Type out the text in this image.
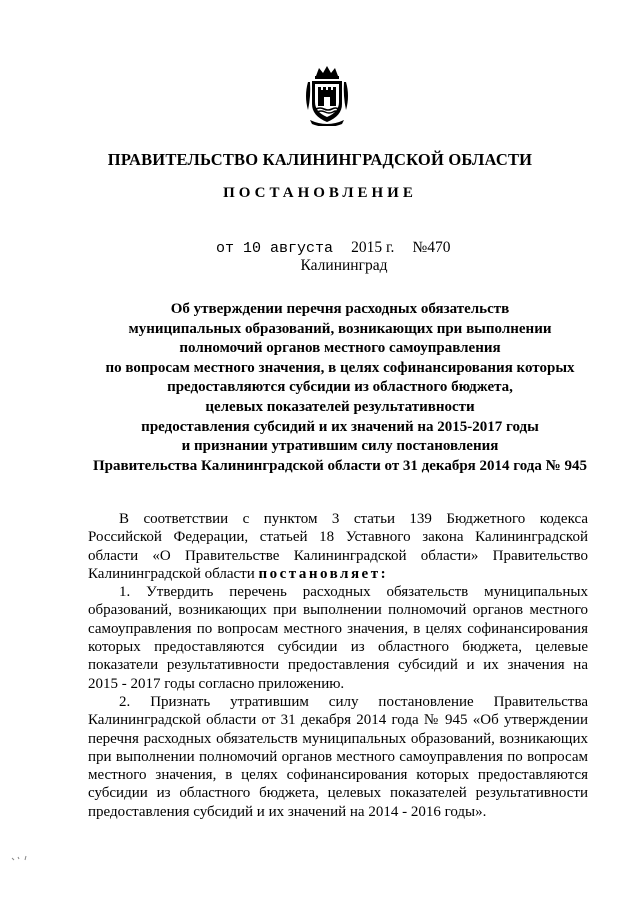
ПРАВИТЕЛЬСТВО КАЛИНИНГРАДСКОЙ ОБЛАСТИ
ПОСТАНОВЛЕНИЕ
от 10 августа 2015 г. №470
Калининград
Об утверждении перечня расходных обязательств
муниципальных образований, возникающих при выполнении
полномочий органов местного самоуправления
по вопросам местного значения, в целях софинансирования которых
предоставляются субсидии из областного бюджета,
целевых показателей результативности
предоставления субсидий и их значений на 2015-2017 годы
и признании утратившим силу постановления
Правительства Калининградской области от 31 декабря 2014 года № 945
В соответствии с пунктом 3 статьи 139 Бюджетного кодекса
Российской Федерации, статьей 18 Уставного закона Калининградской
области «О Правительстве Калининградской области» Правительство
Калининградской области постановляет:
1. Утвердить перечень расходных обязательств муниципальных
образований, возникающих при выполнении полномочий органов местного
самоуправления по вопросам местного значения, в целях софинансирования
которых предоставляются субсидии из областного бюджета, целевые
показатели результативности предоставления субсидий и их значения на
2015 - 2017 годы согласно приложению.
2. Признать утратившим силу постановление Правительства
Калининградской области от 31 декабря 2014 года № 945 «Об утверждении
перечня расходных обязательств муниципальных образований, возникающих
при выполнении полномочий органов местного самоуправления по вопросам
местного значения, в целях софинансирования которых предоставляются
субсидии из областного бюджета, целевых показателей результативности
предоставления субсидий и их значений на 2014 - 2016 годы».
